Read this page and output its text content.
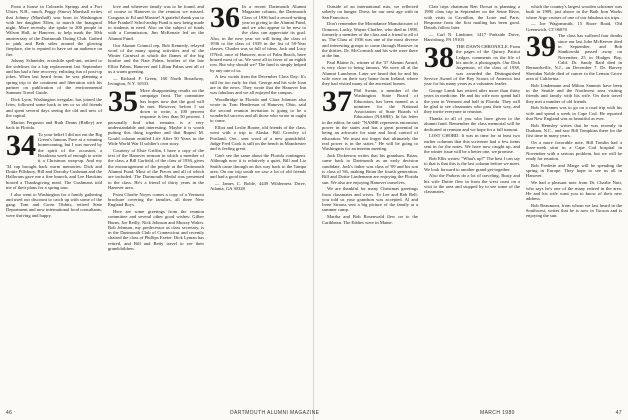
From a house in Colorado Springs and a Fort Ulster, N.H., ranch, Peggy (Snow) Marshall writes that Johnny (Marshall) was born in Washington with her daughter Ellen, to march the Inaugural night. More recently, she spoke to 200 people in Wilson Hall, in Hanover, to help mark the 50th anniversary of the Dartmouth Outing Club. Gathed to pink and Beth sides around the glowing fireplace, she is reputed to have set an audience on fire.

Johnny Schneider, erstwhile spell-ant, retired to the sidelines for a hip replacement last September and has had a fine recovery, enlisting fun of post-op jokes. When last heard from, he was planning a spring trip to the continent and liberation with his partner on publication of the environmental Summer Travel Guide.

Dick Lyon, Washington irregular, has joined the Ivies, followed some back to ten or so old friends and spent several days seeing the old and new of the capital.

Marion Ferguson and Ruth Deans (Ridley) are back in Florida.

34 To your belief I did not eat the Big Green's famous Pave at a winning homecoming, but I was moved by the spirit of the occasion, a Boudreau week of enough to write it a Christmas wrap-up. And my '34 cap brought back warm memories. Dick and Dottie Pillsbury, Bill and Dorothy Cushman and the Hallorans gave me a fine brunch, and Lee Hawkins hosted a Thanksgiving meal. The Cushmans told me of their plans for a spring tour.

I also went to Washington for a family gathering and used our discount to catch up with some of the gang. Tom and Gwen Tibbits, retired State Department and now international food consultants, were thriving and happy.

love and wherever family was to be found, and of course to Hanover to the reunion we missed. Congrats to Ed and Maxine! A grateful thank you to Moe Frankel! Schol-arship Fund is now being made to students in need. Also on the subject of funds with a Commission, Jim McKenzie led on the Alumni Fund.

Our Alumni Council rep, Bob Kennedy, relayed word of the many spring activities and of the Winter Carnival at which the flames of the big bonfire and the Nate Palms, brother of the late Elliot Palms, Hanover and Lillian Palms sent all of us a warm greeting.

— Richard F. Green, 160 North Broadway, Irvington, N.Y. 10533

35 More disappointing results on the campaign front. The committee has hopes now that the goal will be met. However, before I sat down to write, a 100 percent response is less than 50 percent. I personally find what remains is a very understandable and interesting. Maybe it is worth putting this thing together and that Rupert M. Gould column entitled Life After 50 Years in the Wide World War II soldier's own story.

Courtesy of Elsie Griffin, I have a copy of the text of the Hanover sermon in which a member of the class, a Bill Garfield, of the class of 1936, gives the encouragement of the people at the Dartmouth Alumni Fund. Most of the Pieces and all of which are included. The Dartmouth Medal was presented to the class. He's a friend of thirty years in the Hanover area.

From Charlie Noyes comes a copy of a Vermont brochure covering the families, all three New England Boys.

Here are some greetings from the reunion committee and several other good wishes: Gilber Burns, Joe Reilly, Nick Johnson and Murray Walter. Bob Johnson, my predecessor as class secretary, is in the Dartmouth Club of Connecticut and recently chaired the class of Phillips Exeter. Dick Lyman has retired, and Bill and Betty travel to see their grandchildren.

36 In a recent Dartmouth Alumni Magazine column, the Dartmouth Class of 1936 had a record-setting year in giving to the Alumni Fund, and we who appear to be new to the class can appreciate its goal. Also, in the new year we will bring the class of 1936 to the class of 1939 in the list of 50-Year classes. Charles was so full of ideas. Jack and Lucy O'Neil, once of Hanover, now of Palm Beach, have hosted most of us. We were all in favor of an eighth row. But why should we? The fund is simply helped by any one of us.

A few words from the December Class Day: It's still far too early for that. George and his wife Joan are in the news. They wrote that the Hanover Inn was fabulous and we all enjoyed the campus.

Woodbridge in Florida and Clara Johnson also wrote in. Tom Henderson of Hanover, Ohio, said the second reunion invitation is going to be a wonderful success and all those who wrote in ought to come.

Elliot and Leslie Boone, old friends of the class, went with a trip to Alaska. Bill Crowley of Portland, Ore., sent word of a new grandchild. Judge Fred Cook is still on the bench in Manchester and is feeling great.

Can't see the same about the Florida contingent. Although now it is relatively a quiet, Bill and Liz Smith came through on this way back to the Tampa area. On our trip south we saw a lot of old friends and had a good time.

— James C. Bolde, 4449 Wilderness Drive, Atlanta, GA 30328

Outside of an international mix, we reflected soberly on hunger. Dress for our next age with in San Francisco.

Don't remember the Moondance Manufacturer of Oomoos, Lucky, Wayne Chaffee, who died in 1998, formerly a member of the class and a friend to all of us. The Class of 1936 was one of the most diverse and interesting groups to come through Hanover in the thirties. Dr. McCormick and his wife were there at the Inn.

Paul Blaine Jr., winner of the '37 Alumni Award, is very close to being famous. We were all at the Alumni Luncheon. Later we heard that he and his wife were on their way home from Ireland, where they had visited many of the ancestral homes.

37 Phil Swain, a member of the Washington State Board of Education, has been named as a nominee for the National Association of State Boards of Education (NASBE). In his letter to the editor, he said: "NASBE represents enormous power in the states and has a great potential in being an advocate for state and local control of education. We must not forget that ultimately the real power is in the states." He will be going to Washington for an interim meeting.

Jack Dickerson writes that his grandson, Brian, came back to Dartmouth as an early decision candidate. Jack's father was class of '09 and his son is class of '66, making Brian the fourth generation. Bill and Dottie Lindemann are enjoying the Florida sun. We also are enjoying Hanover ourselves.

We are thankful for many Christmas greetings from classmates and wives. To Lee and Bob Bell: you told us your grandson was accepted. Al and Irene Strauss sent a big picture of the family at a summer camp.

Martha and Bob Rosenwald flew on to the Caribbean. The Eddies were in Maine.

Clair trips chairman Ben Dorsat is planning a 1990 class trip in September on the Seine River, with visits to Cavaillon, the Loire and Paris. Response from the first mailing has been good. Details follow later.

— Carl N. Lindoner, 1417 Parkside Drive, Harrisburg, PA 19103

38 THE DAWN CHRONICLE. From the pages of the Quincy Patriot Ledger, comments on the life of his uncle, a photograph. Our Dick Jorgenson, of the class of 1938, was awarded the Distinguished Service Award of the Boy Scouts of America last year for his many years as a volunteer leader.

George Lamb has retired after more than thirty years in medicine. He and his wife now spend half the year in Vermont and half in Florida. They will be glad to see classmates who pass their way, and they invite everyone to reunion.

Thanks to all of you who have given to the alumni fund. Remember the class memorial will be dedicated at reunion and we hope for a full turnout.

LOST CHORD. It was in time for at least two earlier columns that this scrivener had a few items sent in for the notes. We have now caught up, and the winter issue will be a better one, we promise.

Bob Ellis writes: "What's up?" The best I can say to that is that this is the last column before we meet. We look forward to another grand get-together.

Also the Parkers do a lot of traveling. Rusty and his wife Dottie flew in from the west coast on a visit to the area and stopped by to see some of the classmates.

which the country's largest wooden schooner was built in 1909, just above in the Bath Iron Works where Argo cruises of one of our fabulous six trips.

— Joe Wagonsmith, 15 Shore Road, Old Greenwich, CT 06870

39 The class has suffered four deaths since our last Jobe McKeever died in September, and Bob Stankowski passed away on November 25 in Hodges Bay, Calif. Dr. Sandy Raid died in Bernardsville, N.J., on December 7. Dr. Harvey Sheridan Noble died of cancer in the Lemon Grove area of California.

Bob Lindemann and Milton Sammis have been in the Seattle and the Northwest area visiting friends and family with his wife. On their travel they met a number of old friends.

Bob Schramm was to go on a road trip with his wife and spend a week in Cape Cod. He reported that New England was as beautiful as ever.

Bob Hemsley writes that he was recently in Durham, N.C., and saw Bill Tompkins there for the first time in many years.

On a more favorable note, Bill Tomlin had a three-week stint in a Cape Cod hospital in November with a serious problem, but we will be ready for reunion.

Bob Fredette and Marge will be spending the spring in Europe. They hope to see us all in Hanover.

We had a pleasant note from Dr. Charlie Nutt, who says he's one of the many retired in the area. He and his wife want you to know of their new address.

Bob Beaumont, from whom we last heard in the Southwest, writes that he is now in Tucson and is enjoying the sun.

46	DARTMOUTH ALUMNI MAGAZINE	MARCH 1980	47
